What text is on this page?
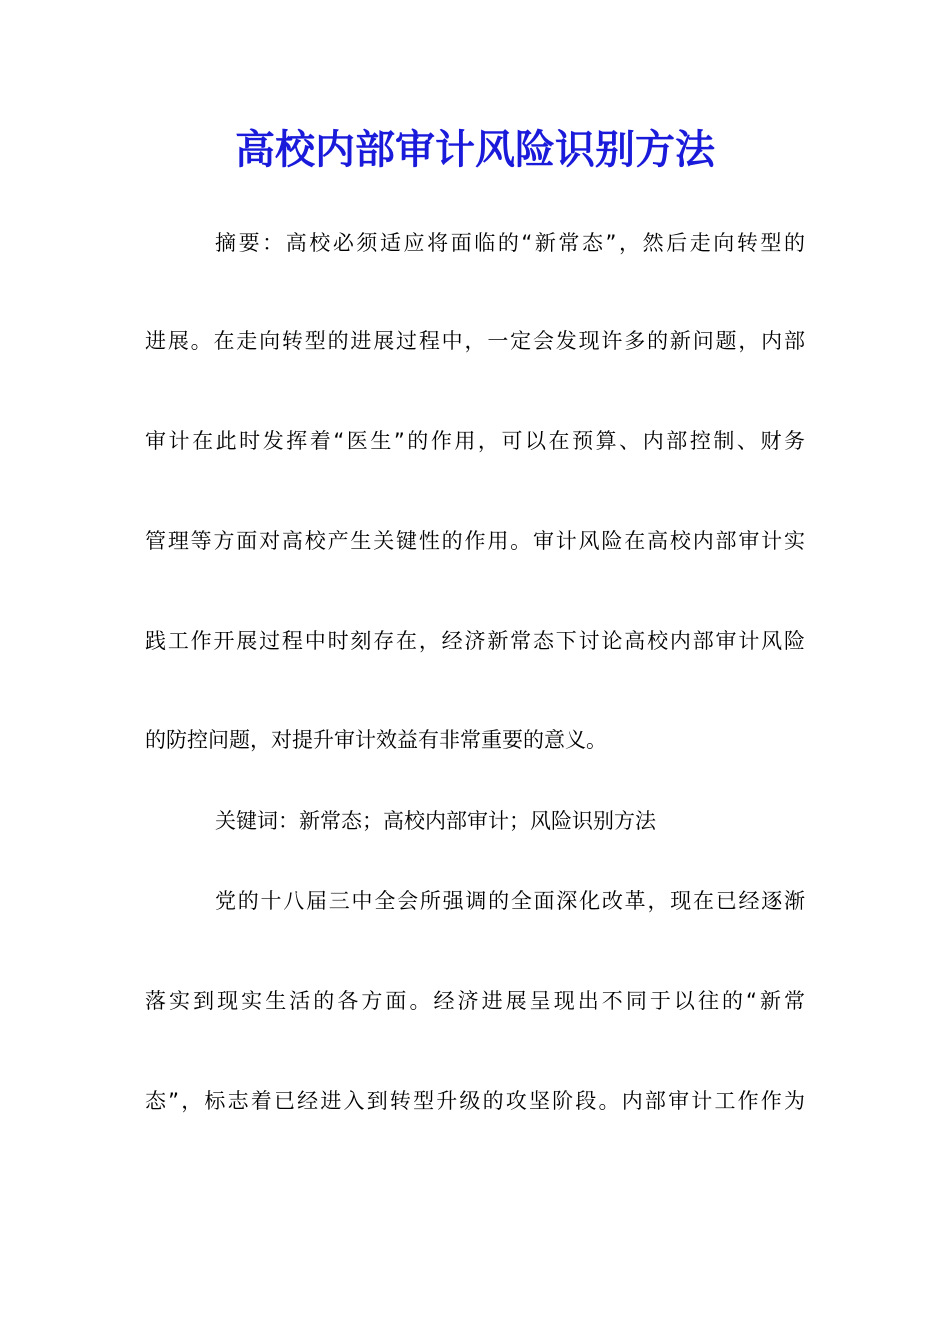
高校内部审计风险识别方法

摘要：高校必须适应将面临的“新常态”，然后走向转型的

进展。在走向转型的进展过程中，一定会发现许多的新问题，内部

审计在此时发挥着“医生”的作用，可以在预算、内部控制、财务

管理等方面对高校产生关键性的作用。审计风险在高校内部审计实

践工作开展过程中时刻存在，经济新常态下讨论高校内部审计风险

的防控问题，对提升审计效益有非常重要的意义。

关键词：新常态；高校内部审计；风险识别方法

党的十八届三中全会所强调的全面深化改革，现在已经逐渐

落实到现实生活的各方面。经济进展呈现出不同于以往的“新常

态”，标志着已经进入到转型升级的攻坚阶段。内部审计工作作为
